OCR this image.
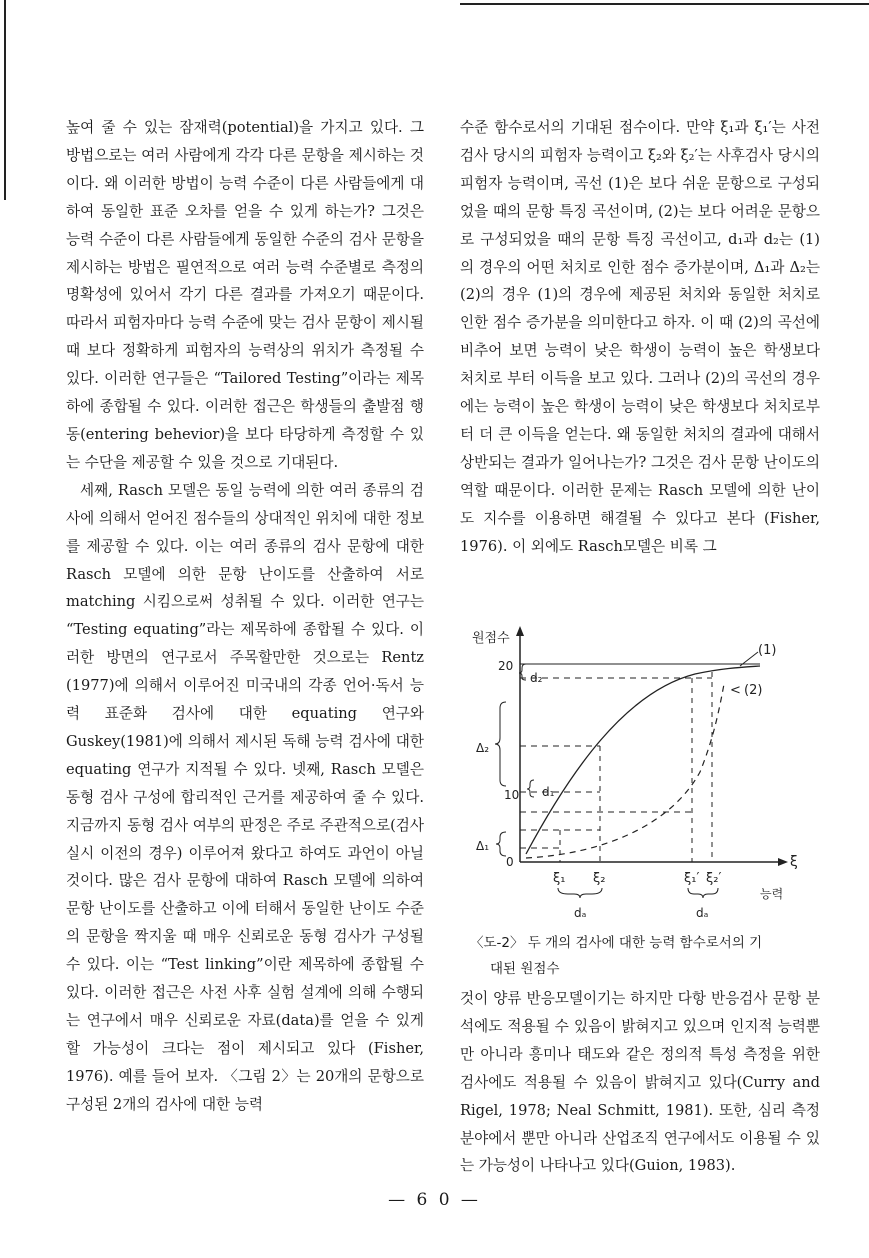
높여 줄 수 있는 잠재력(potential)을 가지고 있다. 그 방법으로는 여러 사람에게 각각 다른 문항을 제시하는 것이다. 왜 이러한 방법이 능력 수준이 다른 사람들에게 대하여 동일한 표준 오차를 얻을 수 있게 하는가? 그것은 능력 수준이 다른 사람들에게 동일한 수준의 검사 문항을 제시하는 방법은 필연적으로 여러 능력 수준별로 측정의 명확성에 있어서 각기 다른 결과를 가져오기 때문이다. 따라서 피험자마다 능력 수준에 맞는 검사 문항이 제시될 때 보다 정확하게 피험자의 능력상의 위치가 측정될 수 있다. 이러한 연구들은 “Tailored Testing”이라는 제목하에 종합될 수 있다. 이러한 접근은 학생들의 출발점 행동(entering behevior)을 보다 타당하게 측정할 수 있는 수단을 제공할 수 있을 것으로 기대된다.

세째, Rasch 모델은 동일 능력에 의한 여러 종류의 검사에 의해서 얻어진 점수들의 상대적인 위치에 대한 정보를 제공할 수 있다. 이는 여러 종류의 검사 문항에 대한 Rasch 모델에 의한 문항 난이도를 산출하여 서로 matching 시킴으로써 성취될 수 있다. 이러한 연구는 “Testing equating”라는 제목하에 종합될 수 있다. 이러한 방면의 연구로서 주목할만한 것으로는 Rentz (1977)에 의해서 이루어진 미국내의 각종 언어·독서 능력 표준화 검사에 대한 equating 연구와 Guskey(1981)에 의해서 제시된 독해 능력 검사에 대한 equating 연구가 지적될 수 있다. 넷째, Rasch 모델은 동형 검사 구성에 합리적인 근거를 제공하여 줄 수 있다. 지금까지 동형 검사 여부의 판정은 주로 주관적으로(검사 실시 이전의 경우) 이루어져 왔다고 하여도 과언이 아닐 것이다. 많은 검사 문항에 대하여 Rasch 모델에 의하여 문항 난이도를 산출하고 이에 터해서 동일한 난이도 수준의 문항을 짝지울 때 매우 신뢰로운 동형 검사가 구성될 수 있다. 이는 “Test linking”이란 제목하에 종합될 수 있다. 이러한 접근은 사전 사후 실험 설계에 의해 수행되는 연구에서 매우 신뢰로운 자료(data)를 얻을 수 있게 할 가능성이 크다는 점이 제시되고 있다 (Fisher, 1976). 예를 들어 보자. 〈그림 2〉는 20개의 문항으로 구성된 2개의 검사에 대한 능력

수준 함수로서의 기대된 점수이다. 만약 ξ₁과 ξ₁′는 사전 검사 당시의 피험자 능력이고 ξ₂와 ξ₂′는 사후검사 당시의 피험자 능력이며, 곡선 (1)은 보다 쉬운 문항으로 구성되었을 때의 문항 특징 곡선이며, (2)는 보다 어려운 문항으로 구성되었을 때의 문항 특징 곡선이고, d₁과 d₂는 (1)의 경우의 어떤 처치로 인한 점수 증가분이며, Δ₁과 Δ₂는 (2)의 경우 (1)의 경우에 제공된 처치와 동일한 처치로 인한 점수 증가분을 의미한다고 하자. 이 때 (2)의 곡선에 비추어 보면 능력이 낮은 학생이 능력이 높은 학생보다 처치로 부터 이득을 보고 있다. 그러나 (2)의 곡선의 경우에는 능력이 높은 학생이 능력이 낮은 학생보다 처치로부터 더 큰 이득을 얻는다. 왜 동일한 처치의 결과에 대해서 상반되는 결과가 일어나는가? 그것은 검사 문항 난이도의 역할 때문이다. 이러한 문제는 Rasch 모델에 의한 난이도 지수를 이용하면 해결될 수 있다고 본다 (Fisher, 1976). 이 외에도 Rasch모델은 비록 그

원점수
20
10
0
d₂
d₁
Δ₂
Δ₁
(1)
< (2)
ξ₁ ξ₂	ξ₁′ ξ₂′
ξ
능력
dₐ	dₐ
〈도-2〉 두 개의 검사에 대한 능력 함수로서의 기
대된 원점수

것이 양류 반응모델이기는 하지만 다항 반응검사 문항 분석에도 적용될 수 있음이 밝혀지고 있으며 인지적 능력뿐만 아니라 흥미나 태도와 같은 정의적 특성 측정을 위한 검사에도 적용될 수 있음이 밝혀지고 있다(Curry and Rigel, 1978; Neal Schmitt, 1981). 또한, 심리 측정 분야에서 뿐만 아니라 산업조직 연구에서도 이용될 수 있는 가능성이 나타나고 있다(Guion, 1983).

— 6 0 —
